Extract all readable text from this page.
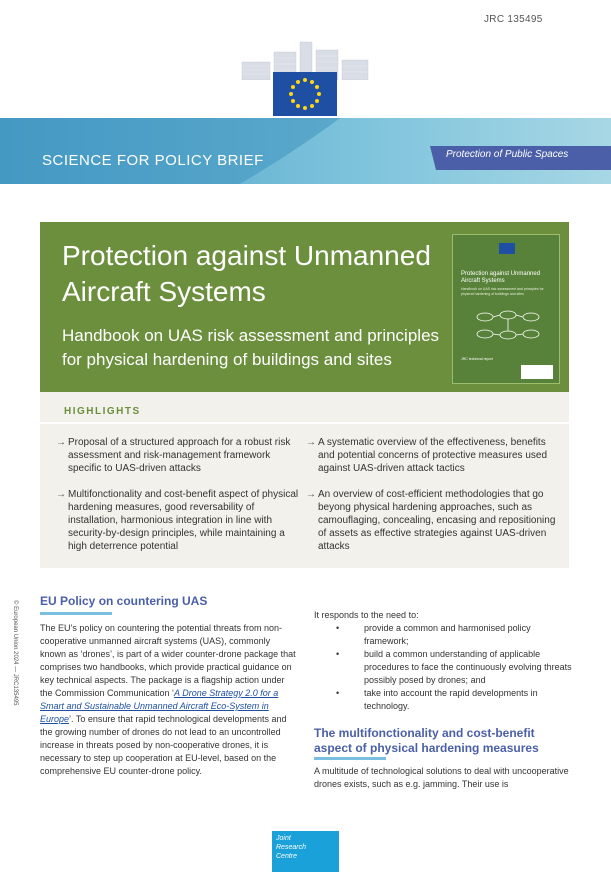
JRC 135495
SCIENCE FOR POLICY BRIEF	Protection of Public Spaces
Protection against Unmanned Aircraft Systems
Handbook on UAS risk assessment and principles for physical hardening of buildings and sites
Protection against Unmanned Aircraft Systems
Handbook on UAS risk assessment and principles for physical hardening of buildings and sites
JRC technical report
HIGHLIGHTS
→ Proposal of a structured approach for a robust risk assessment and risk-management framework specific to UAS-driven attacks
→ A systematic overview of the effectiveness, benefits and potential concerns of protective measures used against UAS-driven attack tactics
→ Multifonctionality and cost-benefit aspect of physical hardening measures, good reversability of installation, harmonious integration in line with security-by-design principles, while maintaining a high deterrence potential
→ An overview of cost-efficient methodologies that go beyong physical hardening approaches, such as camouflaging, concealing, encasing and repositioning of assets as effective strategies against UAS-driven attacks
© European Union 2024 — JRC135495 EU Policy on countering UAS
The EU’s policy on countering the potential threats from non-cooperative unmanned aircraft systems (UAS), commonly known as ‘drones’, is part of a wider counter-drone package that comprises two handbooks, which provide practical guidance on key technical aspects. The package is a flagship action under the Commission Communication ‘A Drone Strategy 2.0 for a Smart and Sustainable Unmanned Aircraft Eco-System in Europe’. To ensure that rapid technological developments and the growing number of drones do not lead to an uncontrolled increase in threats posed by non-cooperative drones, it is necessary to step up cooperation at EU-level, based on the comprehensive EU counter-drone policy.
It responds to the need to:
•	provide a common and harmonised policy framework;
•	build a common understanding of applicable procedures to face the continuously evolving threats possibly posed by drones; and
•	take into account the rapid developments in technology.
The multifonctionality and cost-benefit aspect of physical hardening measures
A multitude of technological solutions to deal with uncooperative drones exists, such as e.g. jamming. Their use is
Joint
Research
Centre
